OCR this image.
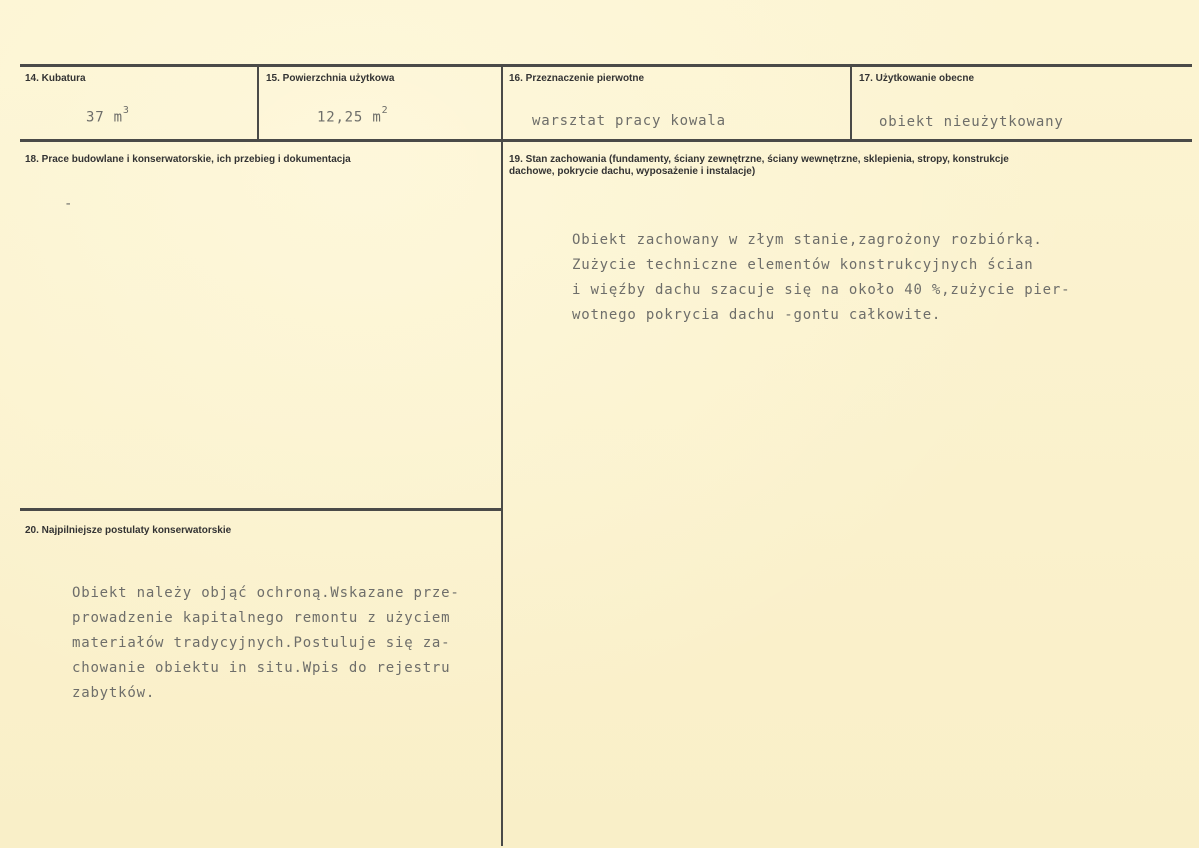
14. Kubatura
37 $m^3$
15. Powierzchnia użytkowa
12,25 $m^2$
16. Przeznaczenie pierwotne
warsztat pracy kowala
17. Użytkowanie obecne
obiekt nieużytkowany
18. Prace budowlane i konserwatorskie, ich przebieg i dokumentacja
-
19. Stan zachowania (fundamenty, ściany zewnętrzne, ściany wewnętrzne, sklepienia, stropy, konstrukcje dachowe, pokrycie dachu, wyposażenie i instalacje)
Obiekt zachowany w złym stanie,zagrożony rozbiórką.
Zużycie techniczne elementów konstrukcyjnych ścian
i więźby dachu szacuje się na około 40 %,zużycie pier-
wotnego pokrycia dachu -gontu całkowite.
20. Najpilniejsze postulaty konserwatorskie
Obiekt należy objąć ochroną.Wskazane prze-
prowadzenie kapitalnego remontu z użyciem
materiałów tradycyjnych.Postuluje się za-
chowanie obiektu in situ.Wpis do rejestru
zabytków.
